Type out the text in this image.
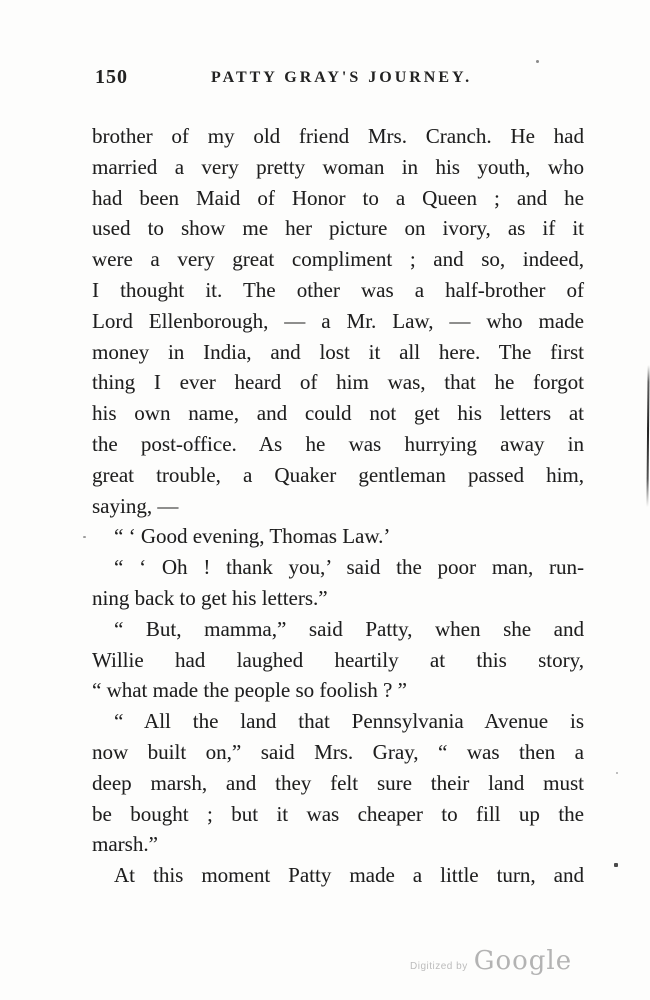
150	PATTY GRAY'S JOURNEY.
brother of my old friend Mrs. Cranch. He had
married a very pretty woman in his youth, who
had been Maid of Honor to a Queen ; and he
used to show me her picture on ivory, as if it
were a very great compliment ; and so, indeed,
I thought it. The other was a half-brother of
Lord Ellenborough, — a Mr. Law, — who made
money in India, and lost it all here. The first
thing I ever heard of him was, that he forgot
his own name, and could not get his letters at
the post-office. As he was hurrying away in
great trouble, a Quaker gentleman passed him,
saying, —
“ ‘ Good evening, Thomas Law.’
“ ‘ Oh ! thank you,’ said the poor man, run-
ning back to get his letters.”
“ But, mamma,” said Patty, when she and
Willie had laughed heartily at this story,
“ what made the people so foolish ? ”
“ All the land that Pennsylvania Avenue is
now built on,” said Mrs. Gray, “ was then a
deep marsh, and they felt sure their land must
be bought ; but it was cheaper to fill up the
marsh.”
At this moment Patty made a little turn, and
Digitized by Google
